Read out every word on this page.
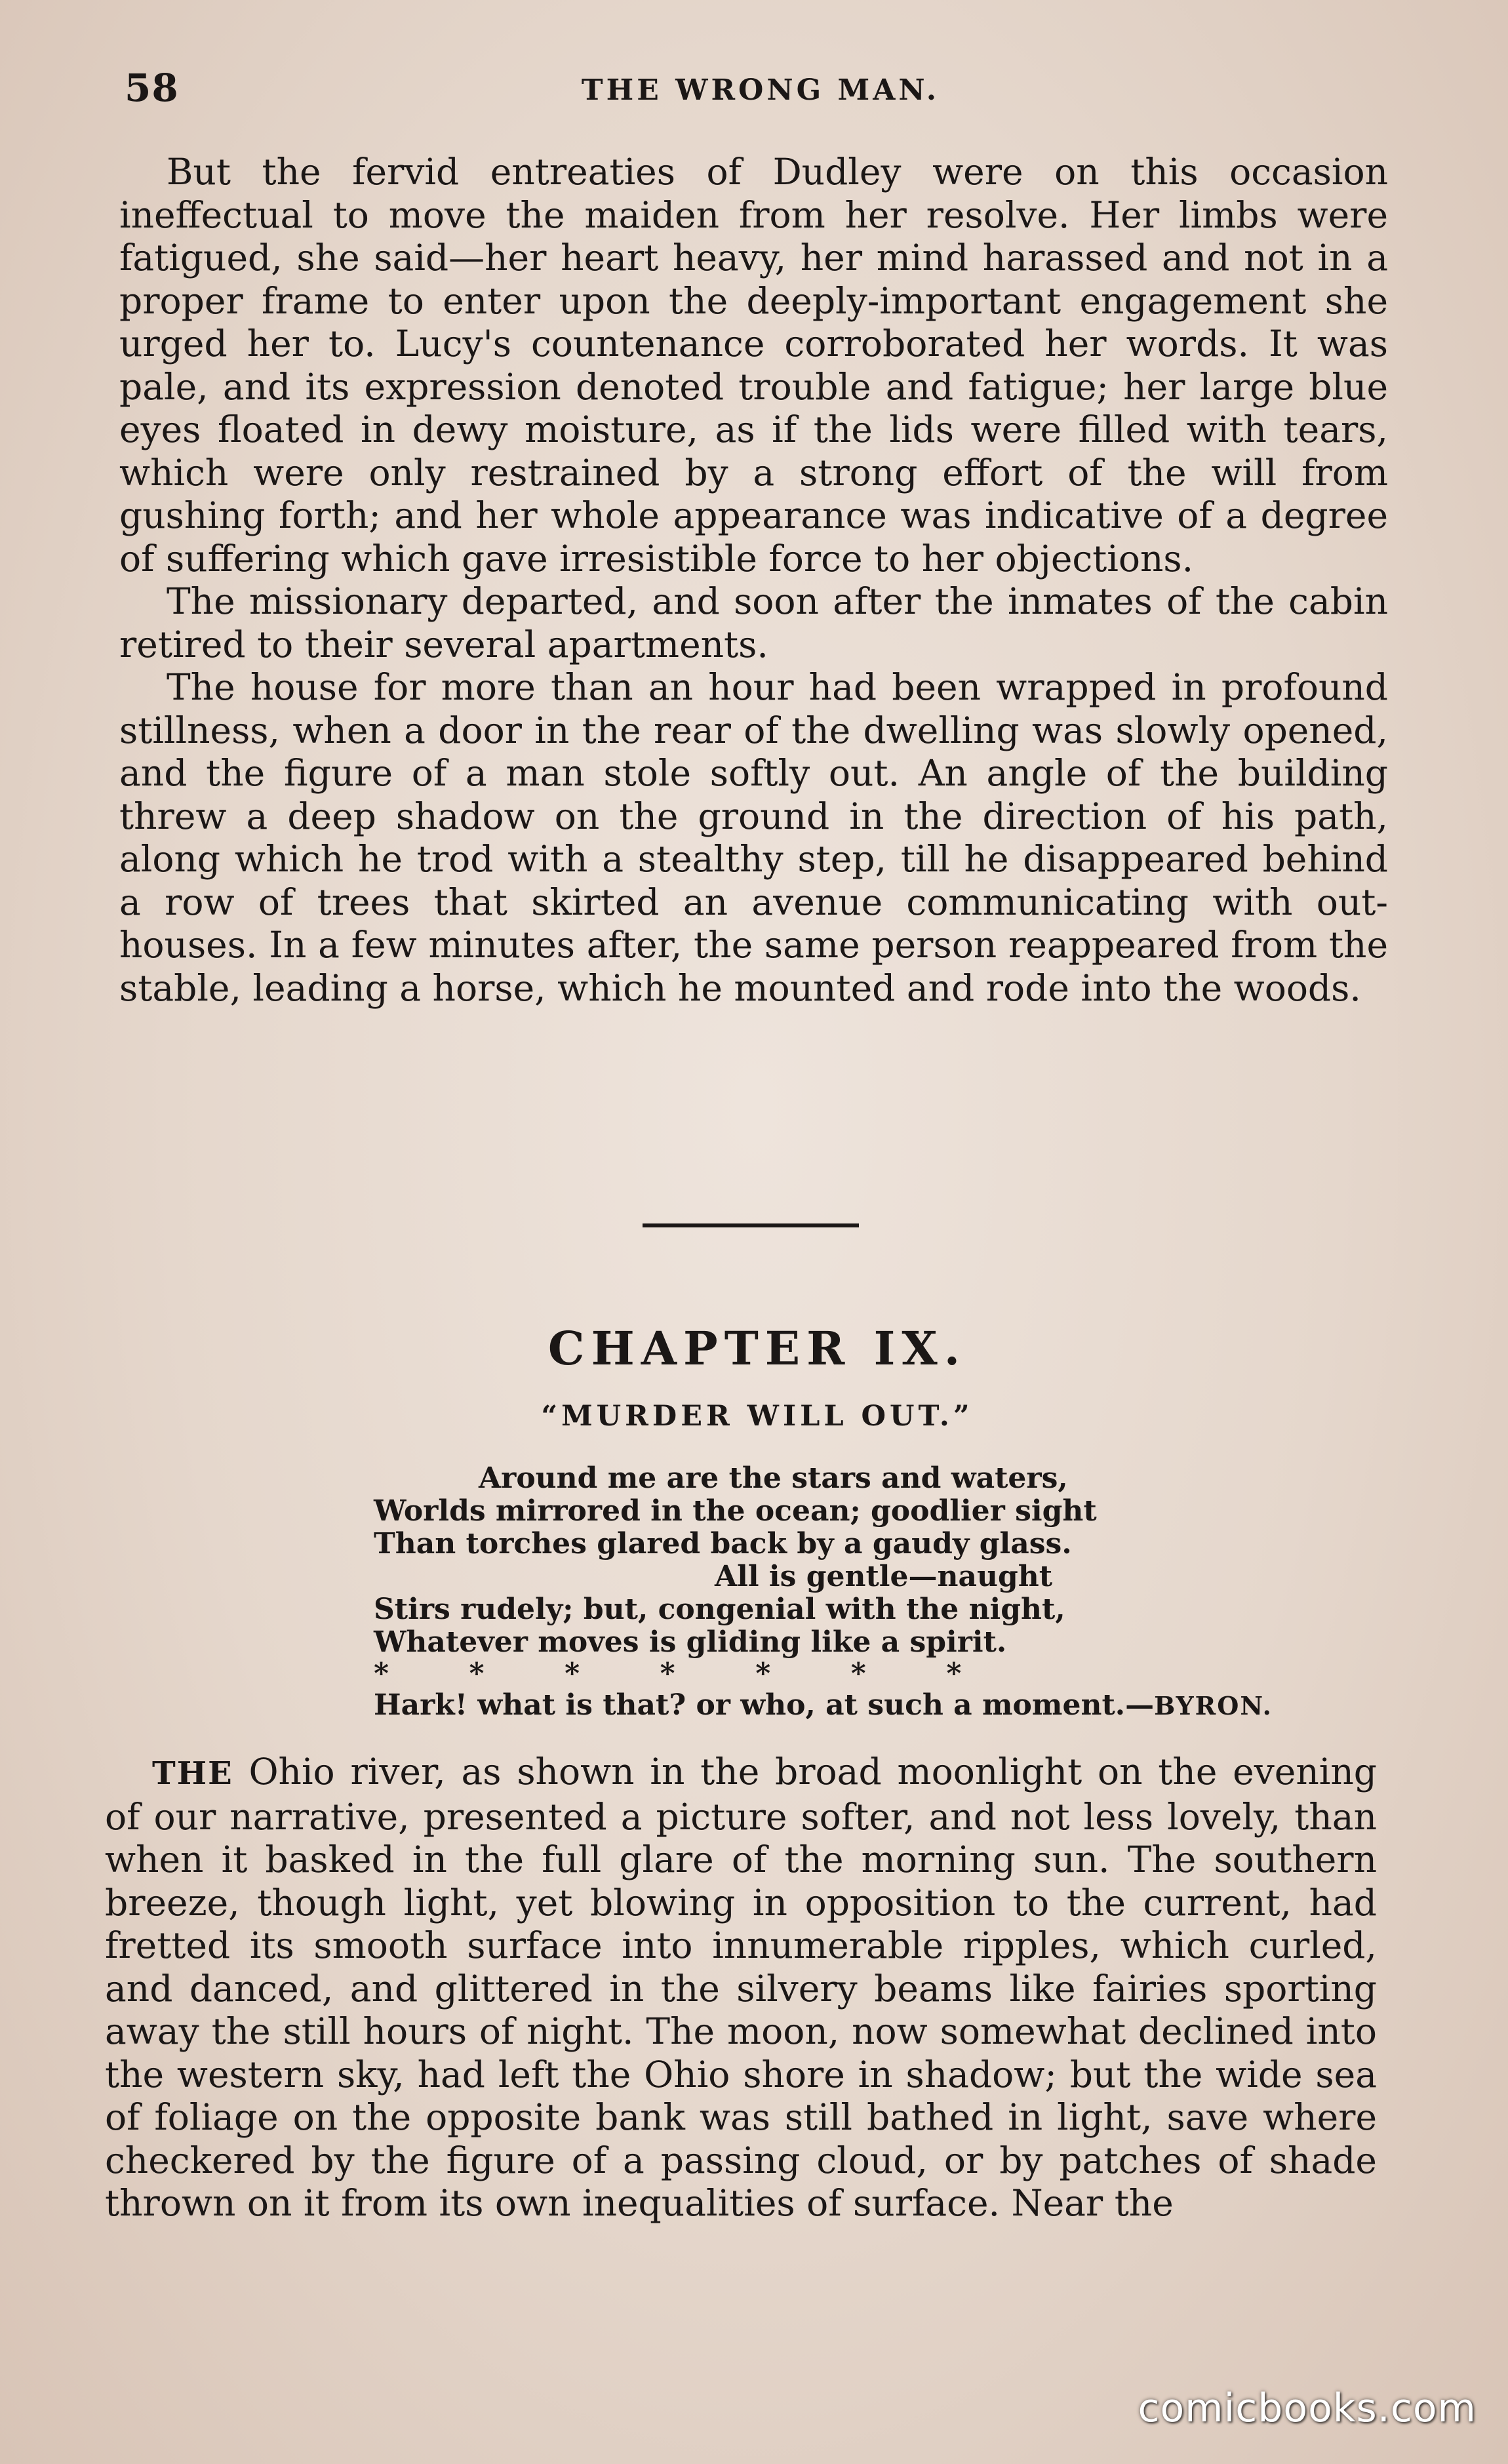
58	THE WRONG MAN.

But the fervid entreaties of Dudley were on this occasion ineffectual to move the maiden from her resolve. Her limbs were fatigued, she said—her heart heavy, her mind harassed and not in a proper frame to enter upon the deeply-important engagement she urged her to. Lucy's countenance corroborated her words. It was pale, and its expression denoted trouble and fatigue; her large blue eyes floated in dewy moisture, as if the lids were filled with tears, which were only restrained by a strong effort of the will from gushing forth; and her whole appearance was indicative of a degree of suffering which gave irresistible force to her objections.

The missionary departed, and soon after the inmates of the cabin retired to their several apartments.

The house for more than an hour had been wrapped in profound stillness, when a door in the rear of the dwelling was slowly opened, and the figure of a man stole softly out. An angle of the building threw a deep shadow on the ground in the direction of his path, along which he trod with a stealthy step, till he disappeared behind a row of trees that skirted an avenue communicating with out-houses. In a few minutes after, the same person reappeared from the stable, leading a horse, which he mounted and rode into the woods.

CHAPTER IX.
“MURDER WILL OUT.”
Around me are the stars and waters,
Worlds mirrored in the ocean; goodlier sight
Than torches glared back by a gaudy glass.
All is gentle—naught
Stirs rudely; but, congenial with the night,
Whatever moves is gliding like a spirit.
*        *        *        *        *        *        *
Hark! what is that? or who, at such a moment.—BYRON.

THE Ohio river, as shown in the broad moonlight on the evening of our narrative, presented a picture softer, and not less lovely, than when it basked in the full glare of the morning sun. The southern breeze, though light, yet blowing in opposition to the current, had fretted its smooth surface into innumerable ripples, which curled, and danced, and glittered in the silvery beams like fairies sporting away the still hours of night. The moon, now somewhat declined into the western sky, had left the Ohio shore in shadow; but the wide sea of foliage on the opposite bank was still bathed in light, save where checkered by the figure of a passing cloud, or by patches of shade thrown on it from its own inequalities of surface. Near the

comicbooks.com
